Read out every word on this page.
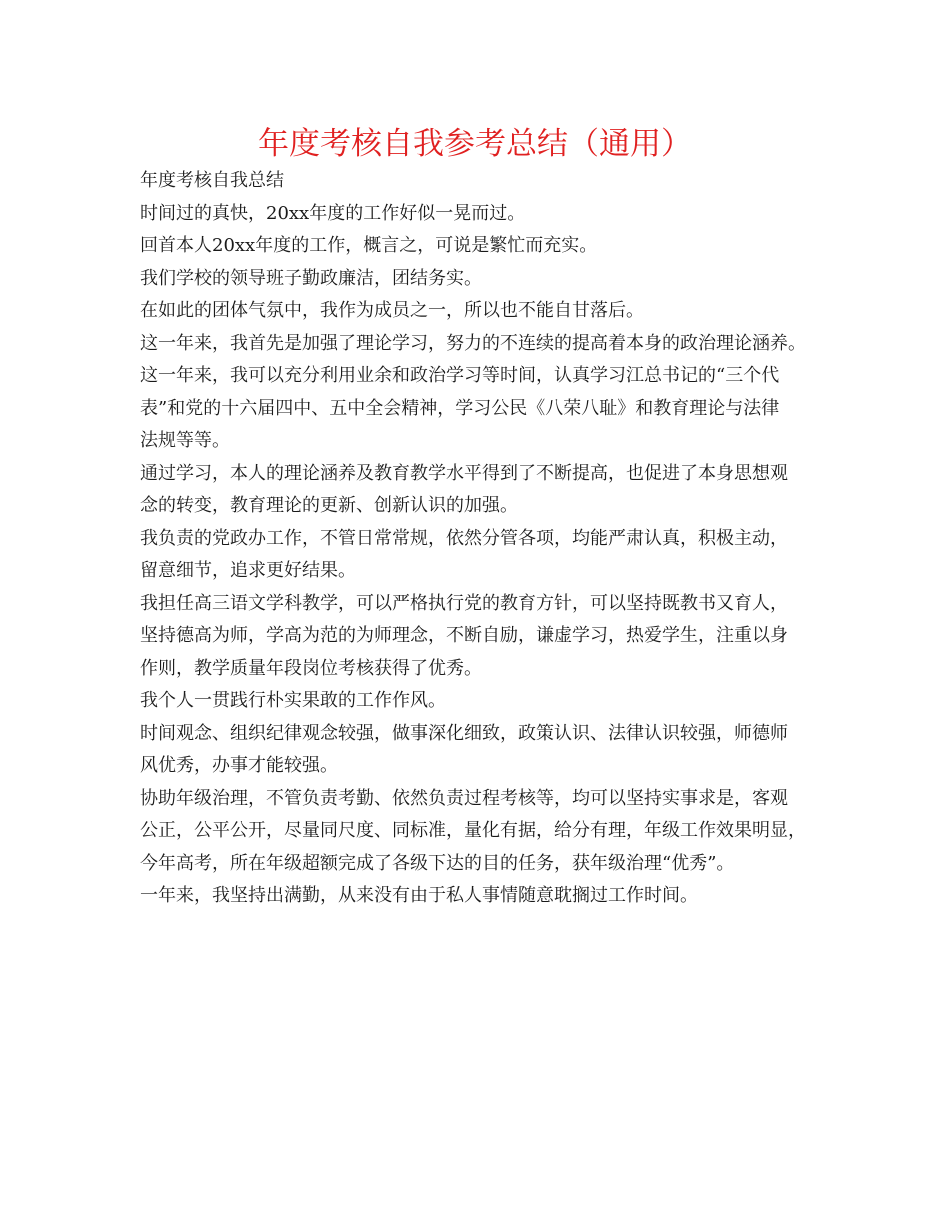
年度考核自我参考总结（通用）

年度考核自我总结

时间过的真快，20xx年度的工作好似一晃而过。

回首本人20xx年度的工作，概言之，可说是繁忙而充实。

我们学校的领导班子勤政廉洁，团结务实。

在如此的团体气氛中，我作为成员之一，所以也不能自甘落后。

这一年来，我首先是加强了理论学习，努力的不连续的提高着本身的政治理论涵养。

这一年来，我可以充分利用业余和政治学习等时间，认真学习江总书记的“三个代

表”和党的十六届四中、五中全会精神，学习公民《八荣八耻》和教育理论与法律

法规等等。

通过学习，本人的理论涵养及教育教学水平得到了不断提高，也促进了本身思想观

念的转变，教育理论的更新、创新认识的加强。

我负责的党政办工作，不管日常常规，依然分管各项，均能严肃认真，积极主动，

留意细节，追求更好结果。

我担任高三语文学科教学，可以严格执行党的教育方针，可以坚持既教书又育人，

坚持德高为师，学高为范的为师理念，不断自励，谦虚学习，热爱学生，注重以身

作则，教学质量年段岗位考核获得了优秀。

我个人一贯践行朴实果敢的工作作风。

时间观念、组织纪律观念较强，做事深化细致，政策认识、法律认识较强，师德师

风优秀，办事才能较强。

协助年级治理，不管负责考勤、依然负责过程考核等，均可以坚持实事求是，客观

公正，公平公开，尽量同尺度、同标准，量化有据，给分有理，年级工作效果明显，

今年高考，所在年级超额完成了各级下达的目的任务，获年级治理“优秀”。

一年来，我坚持出满勤，从来没有由于私人事情随意耽搁过工作时间。
